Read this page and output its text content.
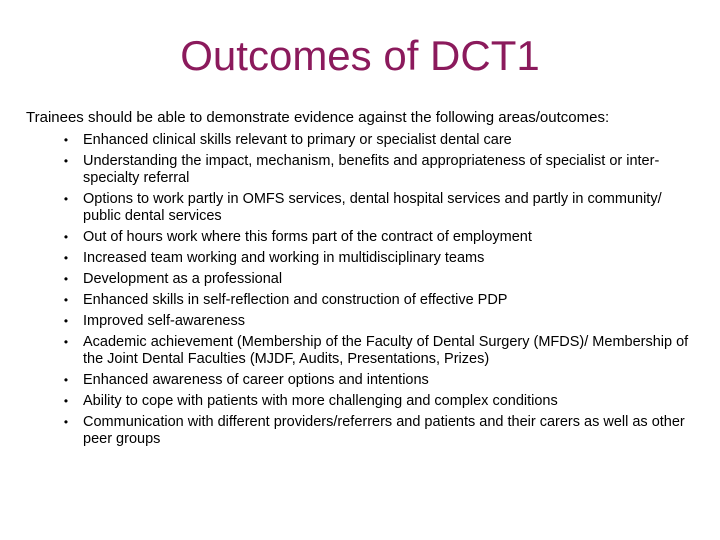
Outcomes of DCT1

Trainees should be able to demonstrate evidence against the following areas/outcomes:

• Enhanced clinical skills relevant to primary or specialist dental care
• Understanding the impact, mechanism, benefits and appropriateness of specialist or inter-specialty referral
• Options to work partly in OMFS services, dental hospital services and partly in community/ public dental services
• Out of hours work where this forms part of the contract of employment
• Increased team working and working in multidisciplinary teams
• Development as a professional
• Enhanced skills in self-reflection and construction of effective PDP
• Improved self-awareness
• Academic achievement (Membership of the Faculty of Dental Surgery (MFDS)/ Membership of the Joint Dental Faculties (MJDF, Audits, Presentations, Prizes)
• Enhanced awareness of career options and intentions
• Ability to cope with patients with more challenging and complex conditions
• Communication with different providers/referrers and patients and their carers as well as other peer groups
